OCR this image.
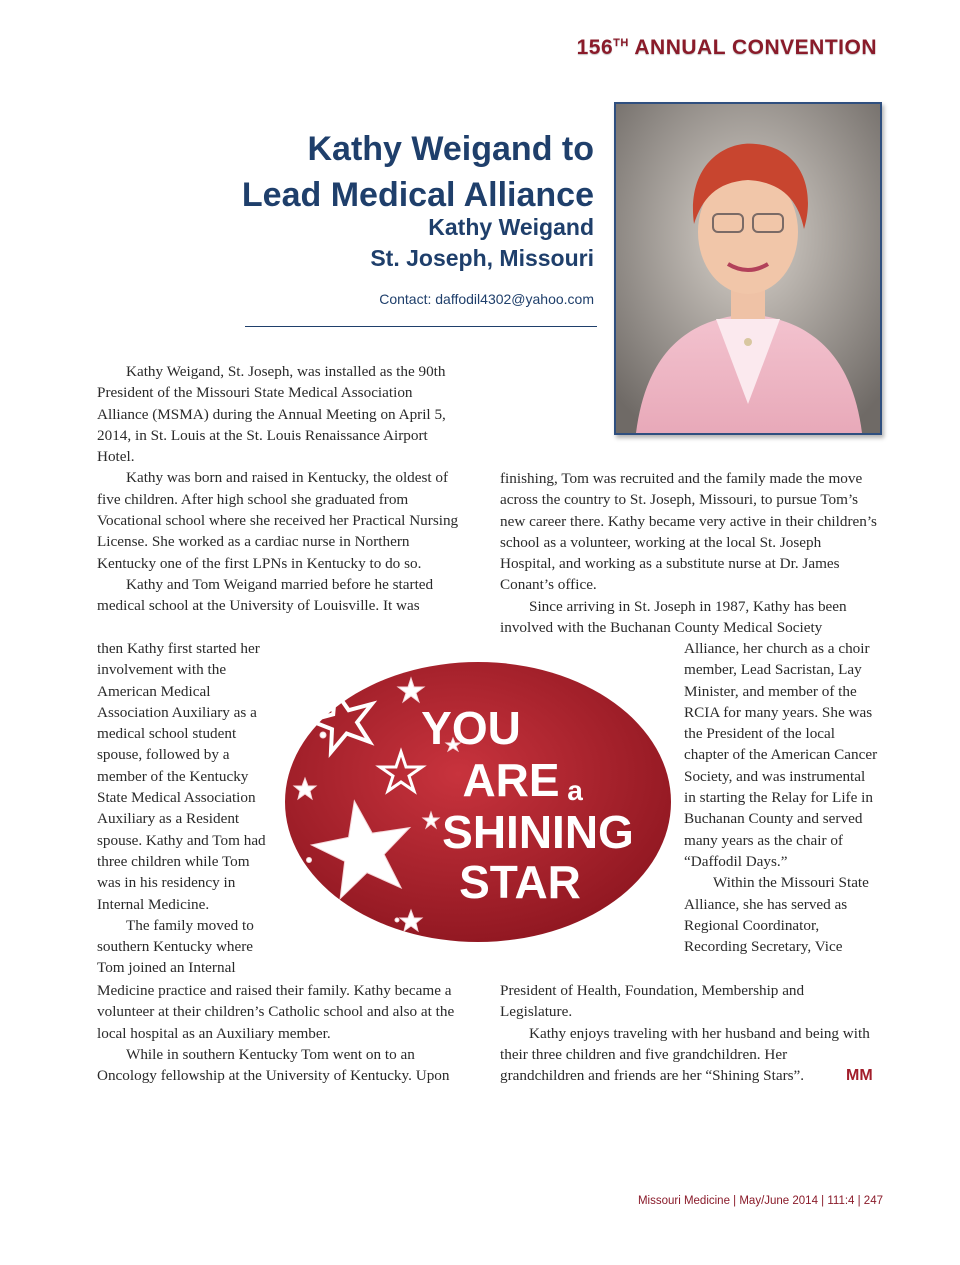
156TH ANNUAL CONVENTION
Kathy Weigand to
Lead Medical Alliance
Kathy Weigand
St. Joseph, Missouri
Contact: daffodil4302@yahoo.com

Kathy Weigand, St. Joseph, was installed as the 90th President of the Missouri State Medical Association Alliance (MSMA) during the Annual Meeting on April 5, 2014, in St. Louis at the St. Louis Renaissance Airport Hotel.

Kathy was born and raised in Kentucky, the oldest of five children. After high school she graduated from Vocational school where she received her Practical Nursing License. She worked as a cardiac nurse in Northern Kentucky one of the first LPNs in Kentucky to do so.

Kathy and Tom Weigand married before he started medical school at the University of Louisville. It was

then Kathy first started her involvement with the American Medical Association Auxiliary as a medical school student spouse, followed by a member of the Kentucky State Medical Association Auxiliary as a Resident spouse. Kathy and Tom had three children while Tom was in his residency in Internal Medicine.

The family moved to southern Kentucky where Tom joined an Internal

Medicine practice and raised their family. Kathy became a volunteer at their children’s Catholic school and also at the local hospital as an Auxiliary member.

While in southern Kentucky Tom went on to an Oncology fellowship at the University of Kentucky. Upon

finishing, Tom was recruited and the family made the move across the country to St. Joseph, Missouri, to pursue Tom’s new career there. Kathy became very active in their children’s school as a volunteer, working at the local St. Joseph Hospital, and working as a substitute nurse at Dr. James Conant’s office.

Since arriving in St. Joseph in 1987, Kathy has been involved with the Buchanan County Medical Society

Alliance, her church as a choir member, Lead Sacristan, Lay Minister, and member of the RCIA for many years. She was the President of the local chapter of the American Cancer Society, and was instrumental in starting the Relay for Life in Buchanan County and served many years as the chair of “Daffodil Days.”

Within the Missouri State Alliance, she has served as Regional Coordinator, Recording Secretary, Vice

President of Health, Foundation, Membership and Legislature.

Kathy enjoys traveling with her husband and being with their three children and five grandchildren. Her grandchildren and friends are her “Shining Stars”.	MM
YOU
ARE a
SHINING
STAR
Missouri Medicine | May/June 2014 | 111:4 | 247
